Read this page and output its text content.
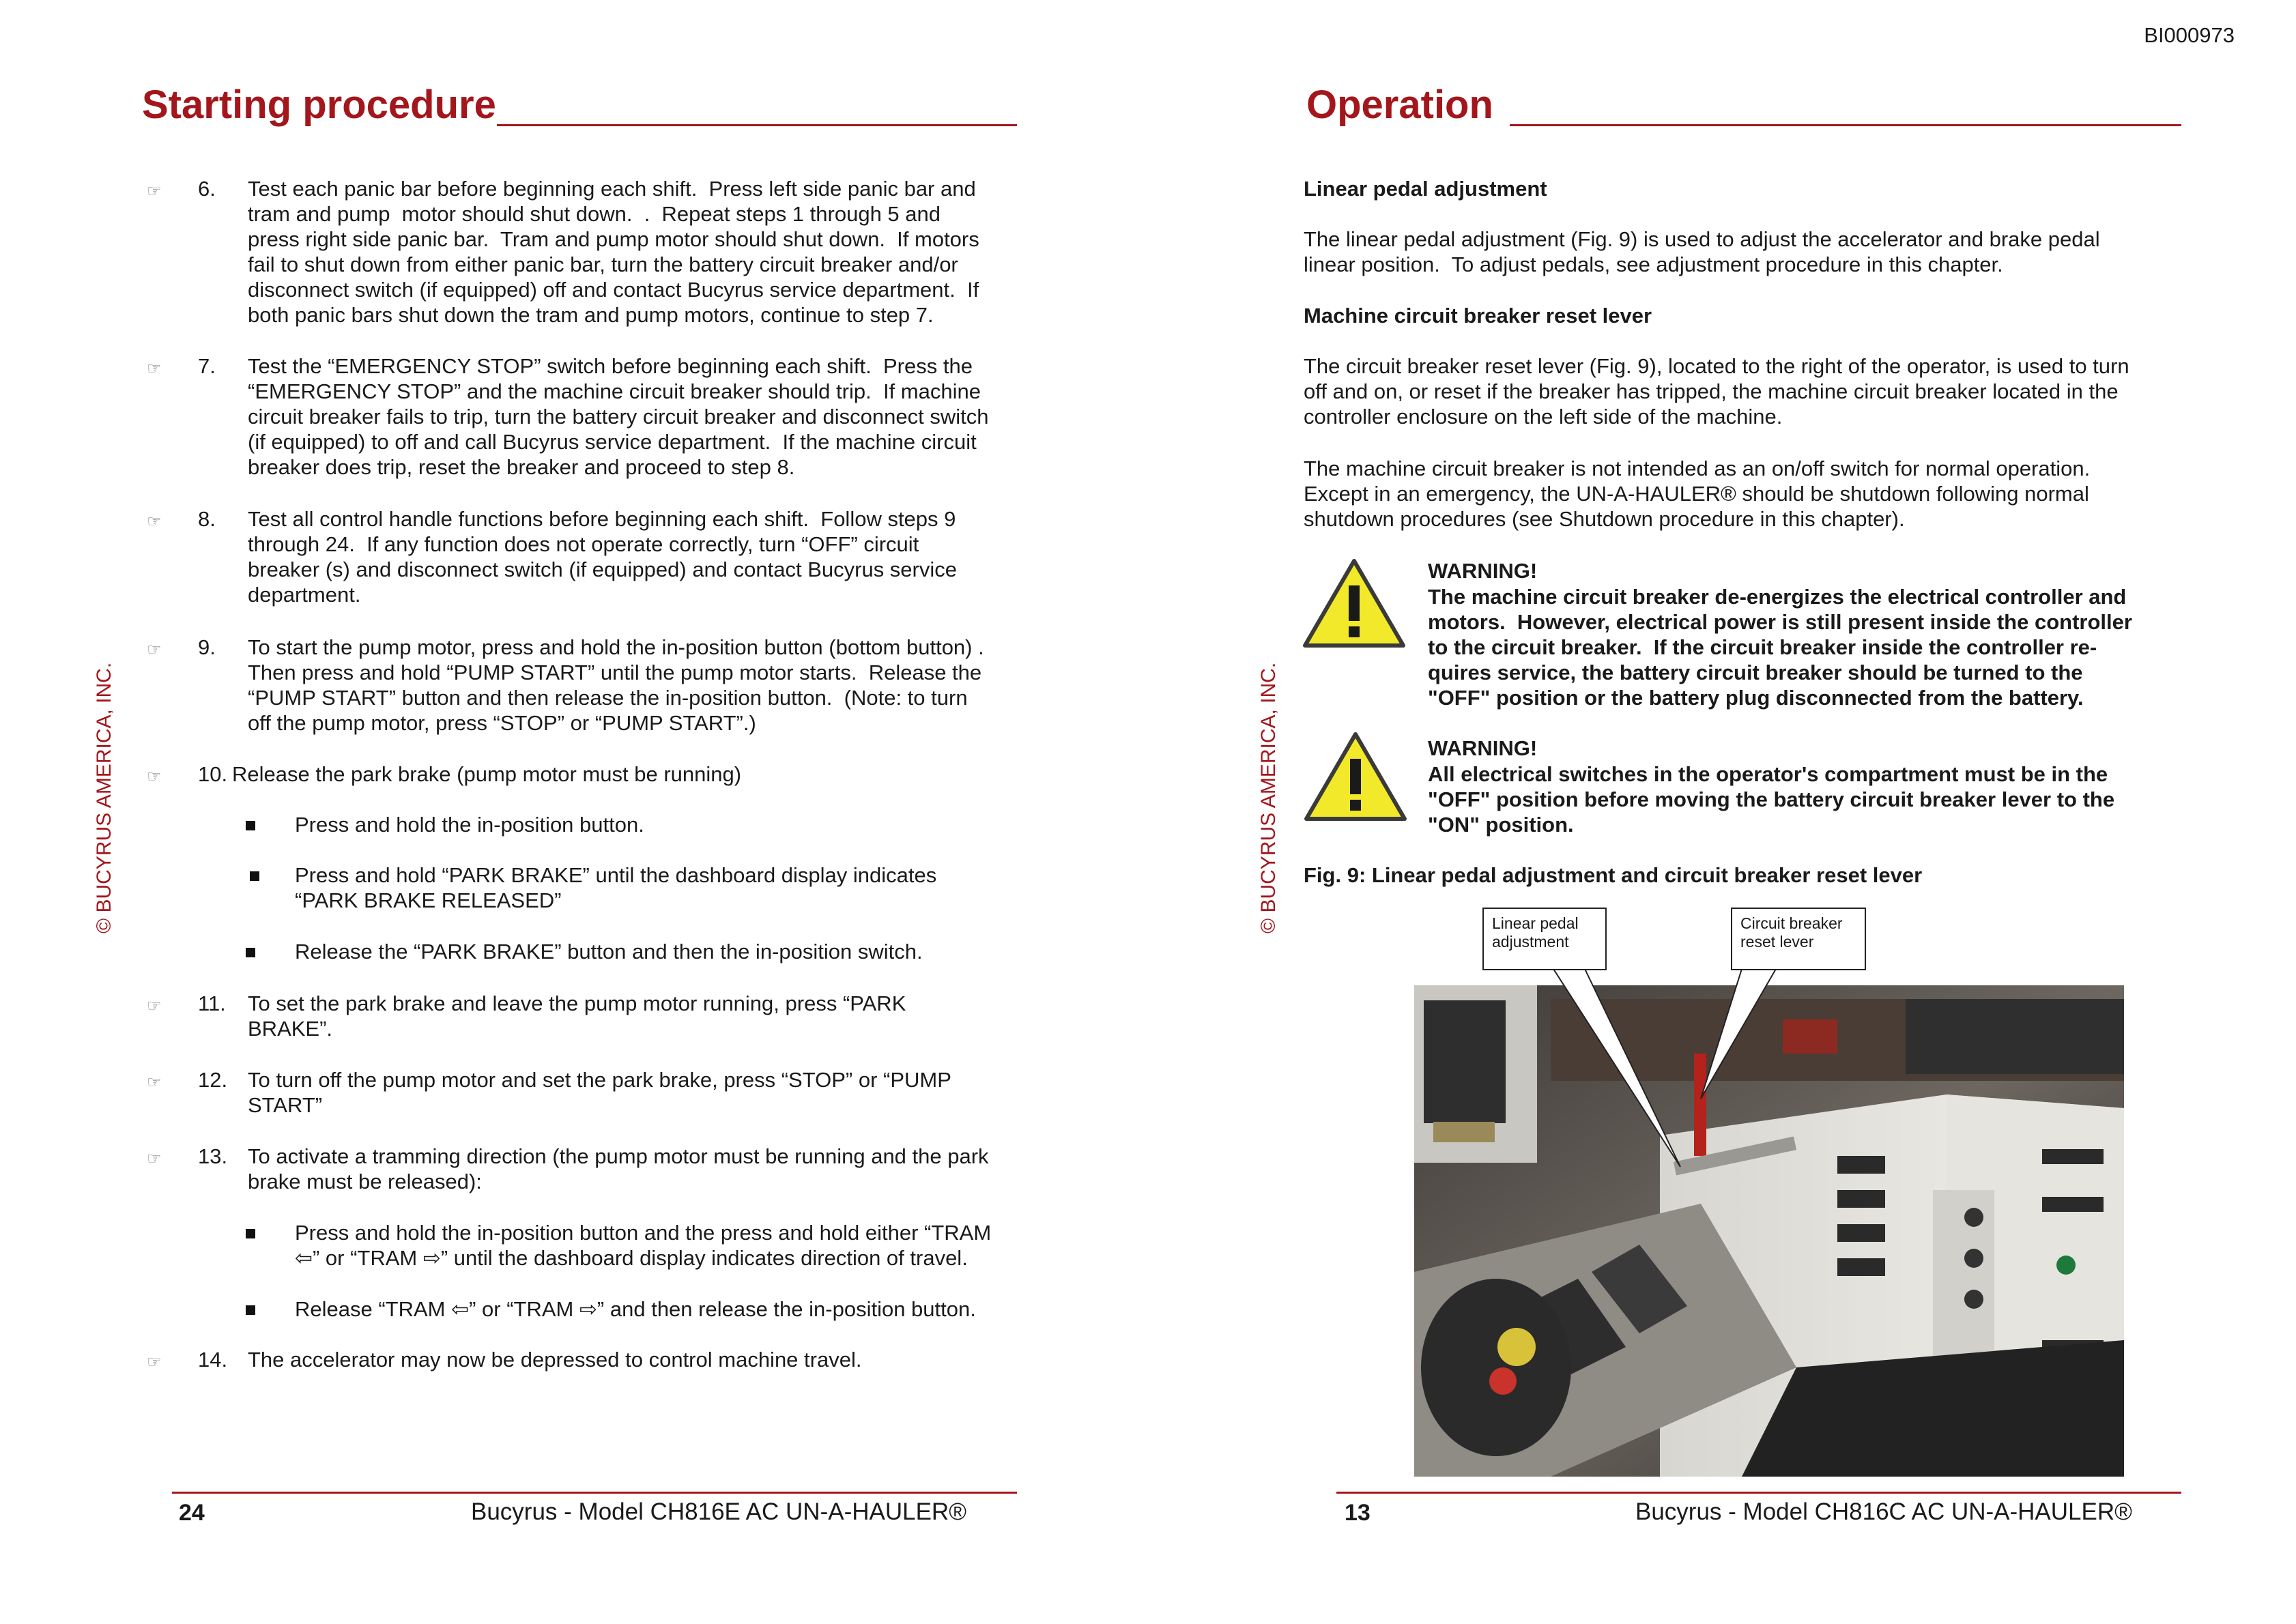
BI000973
Starting procedure
© BUCYRUS AMERICA, INC.
☞ 6. Test each panic bar before beginning each shift.  Press left side panic bar and
tram and pump  motor should shut down.  .  Repeat steps 1 through 5 and
press right side panic bar.  Tram and pump motor should shut down.  If motors
fail to shut down from either panic bar, turn the battery circuit breaker and/or
disconnect switch (if equipped) off and contact Bucyrus service department.  If
both panic bars shut down the tram and pump motors, continue to step 7.
☞ 7. Test the “EMERGENCY STOP” switch before beginning each shift.  Press the
“EMERGENCY STOP” and the machine circuit breaker should trip.  If machine
circuit breaker fails to trip, turn the battery circuit breaker and disconnect switch
(if equipped) to off and call Bucyrus service department.  If the machine circuit
breaker does trip, reset the breaker and proceed to step 8.
☞ 8. Test all control handle functions before beginning each shift.  Follow steps 9
through 24.  If any function does not operate correctly, turn “OFF” circuit
breaker (s) and disconnect switch (if equipped) and contact Bucyrus service
department.
☞ 9. To start the pump motor, press and hold the in-position button (bottom button) .
Then press and hold “PUMP START” until the pump motor starts.  Release the
“PUMP START” button and then release the in-position button.  (Note: to turn
off the pump motor, press “STOP” or “PUMP START”.)
☞ 10. Release the park brake (pump motor must be running)
Press and hold the in-position button.
Press and hold “PARK BRAKE” until the dashboard display indicates
“PARK BRAKE RELEASED”
Release the “PARK BRAKE” button and then the in-position switch.
☞ 11. To set the park brake and leave the pump motor running, press “PARK
BRAKE”.
☞ 12. To turn off the pump motor and set the park brake, press “STOP” or “PUMP
START”
☞ 13. To activate a tramming direction (the pump motor must be running and the park
brake must be released):
Press and hold the in-position button and the press and hold either “TRAM
⇦” or “TRAM ⇨” until the dashboard display indicates direction of travel.
Release “TRAM ⇦” or “TRAM ⇨” and then release the in-position button.
☞ 14. The accelerator may now be depressed to control machine travel.
24	Bucyrus - Model CH816E AC UN-A-HAULER®
Operation
© BUCYRUS AMERICA, INC.
Linear pedal adjustment
The linear pedal adjustment (Fig. 9) is used to adjust the accelerator and brake pedal
linear position.  To adjust pedals, see adjustment procedure in this chapter.
Machine circuit breaker reset lever
The circuit breaker reset lever (Fig. 9), located to the right of the operator, is used to turn
off and on, or reset if the breaker has tripped, the machine circuit breaker located in the
controller enclosure on the left side of the machine.
The machine circuit breaker is not intended as an on/off switch for normal operation.
Except in an emergency, the UN-A-HAULER® should be shutdown following normal
shutdown procedures (see Shutdown procedure in this chapter).
WARNING!
The machine circuit breaker de-energizes the electrical controller and
motors.  However, electrical power is still present inside the controller
to the circuit breaker.  If the circuit breaker inside the controller re-
quires service, the battery circuit breaker should be turned to the
"OFF" position or the battery plug disconnected from the battery.
WARNING!
All electrical switches in the operator's compartment must be in the
"OFF" position before moving the battery circuit breaker lever to the
"ON" position.
Fig. 9: Linear pedal adjustment and circuit breaker reset lever
Linear pedal
adjustment
Circuit breaker
reset lever
13	Bucyrus - Model CH816C AC UN-A-HAULER®
